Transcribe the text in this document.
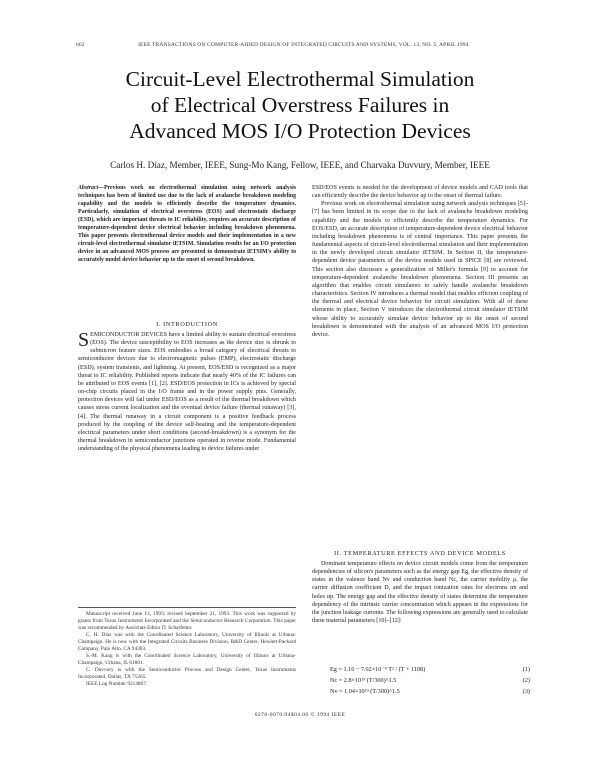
662	IEEE TRANSACTIONS ON COMPUTER-AIDED DESIGN OF INTEGRATED CIRCUITS AND SYSTEMS, VOL. 13, NO. 5, APRIL 1994
Circuit-Level Electrothermal Simulation
of Electrical Overstress Failures in
Advanced MOS I/O Protection Devices
Carlos H. Díaz, Member, IEEE, Sung-Mo Kang, Fellow, IEEE, and Charvaka Duvvury, Member, IEEE
Abstract—Previous work on electrothermal simulation using network analysis techniques has been of limited use due to the lack of avalanche breakdown modeling capability and the models to efficiently describe the temperature dynamics. Particularly, simulation of electrical overstress (EOS) and electrostatic discharge (ESD), which are important threats to IC reliability, requires an accurate description of temperature-dependent device electrical behavior including breakdown phenomena. This paper presents electrothermal device models and their implementation in a new circuit-level electrothermal simulator iETSIM. Simulation results for an I/O protection device in an advanced MOS process are presented to demonstrate iETSIM's ability to accurately model device behavior up to the onset of second breakdown.

I. INTRODUCTION

SEMICONDUCTOR DEVICES have a limited ability to sustain electrical overstress (EOS). The device susceptibility to EOS increases as the device size is shrunk to submicron feature sizes. EOS embodies a broad category of electrical threats to semiconductor devices due to electromagnetic pulses (EMP), electrostatic discharge (ESD), system transients, and lightning. At present, EOS/ESD is recognized as a major threat to IC reliability. Published reports indicate that nearly 40% of the IC failures can be attributed to EOS events [1], [2]. ESD/EOS protection in ICs is achieved by special on-chip circuits placed in the I/O frame and in the power supply pins. Generally, protection devices will fail under ESD/EOS as a result of the thermal breakdown which causes stress current localization and the eventual device failure (thermal runaway) [3], [4]. The thermal runaway in a circuit component is a positive feedback process produced by the coupling of the device self-heating and the temperature-dependent electrical parameters under short conditions (second-breakdown) is a synonym for the thermal breakdown in semiconductor junctions operated in reverse mode. Fundamental understanding of the physical phenomena leading to device failures under

Manuscript received June 13, 1993; revised September 21, 1993. This work was supported by grants from Texas Instruments Incorporated and the Semiconductor Research Corporation. This paper was recommended by Associate Editor D. Scharfetter.

C. H. Díaz was with the Coordinated Science Laboratory, University of Illinois at Urbana-Champaign. He is now with the Integrated Circuits Business Division, R&D Center, Hewlett-Packard Company, Palo Alto, CA 94303.

S.-M. Kang is with the Coordinated Science Laboratory, University of Illinois at Urbana-Champaign, Urbana, IL 61801.

C. Duvvury is with the Semiconductor Process and Design Center, Texas Instruments Incorporated, Dallas, TX 75265.

IEEE Log Number 9214867.

ESD/EOS events is needed for the development of device models and CAD tools that can efficiently describe the device behavior up to the onset of thermal failure.

Previous work on electrothermal simulation using network analysis techniques [5]–[7] has been limited in its scope due to the lack of avalanche breakdown modeling capability and the models to efficiently describe the temperature dynamics. For EOS/ESD, an accurate description of temperature-dependent device electrical behavior including breakdown phenomena is of central importance. This paper presents the fundamental aspects of circuit-level electrothermal simulation and their implementation in the newly developed circuit simulator iETSIM. In Section II, the temperature-dependent device parameters of the device models used in SPICE [8] are reviewed. This section also discusses a generalization of Miller's formula [9] to account for temperature-dependent avalanche breakdown phenomena. Section III presents an algorithm that enables circuit simulators to safely handle avalanche breakdown characteristics. Section IV introduces a thermal model that enables efficient coupling of the thermal and electrical device behavior for circuit simulation. With all of these elements in place, Section V introduces the electrothermal circuit simulator iETSIM whose ability to accurately simulate device behavior up to the onset of second breakdown is demonstrated with the analysis of an advanced MOS I/O protection device.

II. TEMPERATURE EFFECTS AND DEVICE MODELS

Dominant temperature effects on device circuit models come from the temperature dependencies of silicon's parameters such as the energy gap Eg, the effective density of states in the valence band Nv and conduction band Nc, the carrier mobility μ, the carrier diffusion coefficient D, and the impact ionization rates for electrons αn and holes αp. The energy gap and the effective density of states determine the temperature dependency of the intrinsic carrier concentration which appears in the expressions for the junction leakage currents. The following expressions are generally used to calculate these material parameters [10]–[12]:

Eg = 1.16 − 7.02×10⁻⁴ T² / (T + 1108)	(1)
Nc = 2.8×10¹⁹ (T/300)^1.5	(2)
Nv = 1.04×10¹⁹ (T/300)^1.5	(3)
0278-0070/94$04.00 © 1994 IEEE
